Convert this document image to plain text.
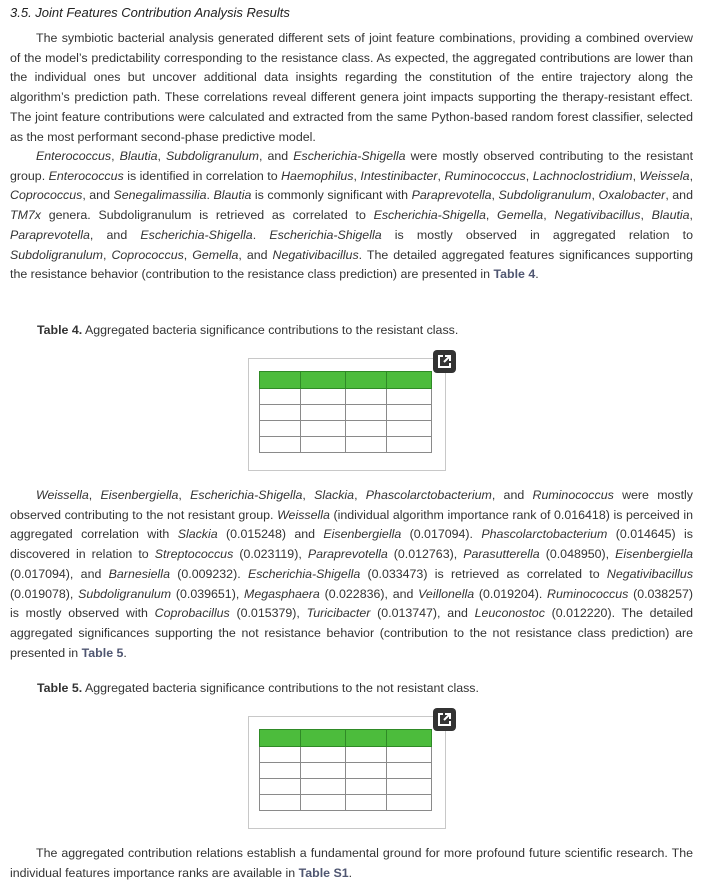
3.5. Joint Features Contribution Analysis Results

The symbiotic bacterial analysis generated different sets of joint feature combinations, providing a combined overview of the model’s predictability corresponding to the resistance class. As expected, the aggregated contributions are lower than the individual ones but uncover additional data insights regarding the constitution of the entire trajectory along the algorithm’s prediction path. These correlations reveal different genera joint impacts supporting the therapy-resistant effect. The joint feature contributions were calculated and extracted from the same Python-based random forest classifier, selected as the most performant second-phase predictive model.

Enterococcus, Blautia, Subdoligranulum, and Escherichia-Shigella were mostly observed contributing to the resistant group. Enterococcus is identified in correlation to Haemophilus, Intestinibacter, Ruminococcus, Lachnoclostridium, Weissela, Coprococcus, and Senegalimassilia. Blautia is commonly significant with Paraprevotella, Subdoligranulum, Oxalobacter, and TM7x genera. Subdoligranulum is retrieved as correlated to Escherichia-Shigella, Gemella, Negativibacillus, Blautia, Paraprevotella, and Escherichia-Shigella. Escherichia-Shigella is mostly observed in aggregated relation to Subdoligranulum, Coprococcus, Gemella, and Negativibacillus. The detailed aggregated features significances supporting the resistance behavior (contribution to the resistance class prediction) are presented in Table 4.

Table 4. Aggregated bacteria significance contributions to the resistant class.

Weissella, Eisenbergiella, Escherichia-Shigella, Slackia, Phascolarctobacterium, and Ruminococcus were mostly observed contributing to the not resistant group. Weissella (individual algorithm importance rank of 0.016418) is perceived in aggregated correlation with Slackia (0.015248) and Eisenbergiella (0.017094). Phascolarctobacterium (0.014645) is discovered in relation to Streptococcus (0.023119), Paraprevotella (0.012763), Parasutterella (0.048950), Eisenbergiella (0.017094), and Barnesiella (0.009232). Escherichia-Shigella (0.033473) is retrieved as correlated to Negativibacillus (0.019078), Subdoligranulum (0.039651), Megasphaera (0.022836), and Veillonella (0.019204). Ruminococcus (0.038257) is mostly observed with Coprobacillus (0.015379), Turicibacter (0.013747), and Leuconostoc (0.012220). The detailed aggregated significances supporting the not resistance behavior (contribution to the not resistance class prediction) are presented in Table 5.

Table 5. Aggregated bacteria significance contributions to the not resistant class.

The aggregated contribution relations establish a fundamental ground for more profound future scientific research. The individual features importance ranks are available in Table S1.
